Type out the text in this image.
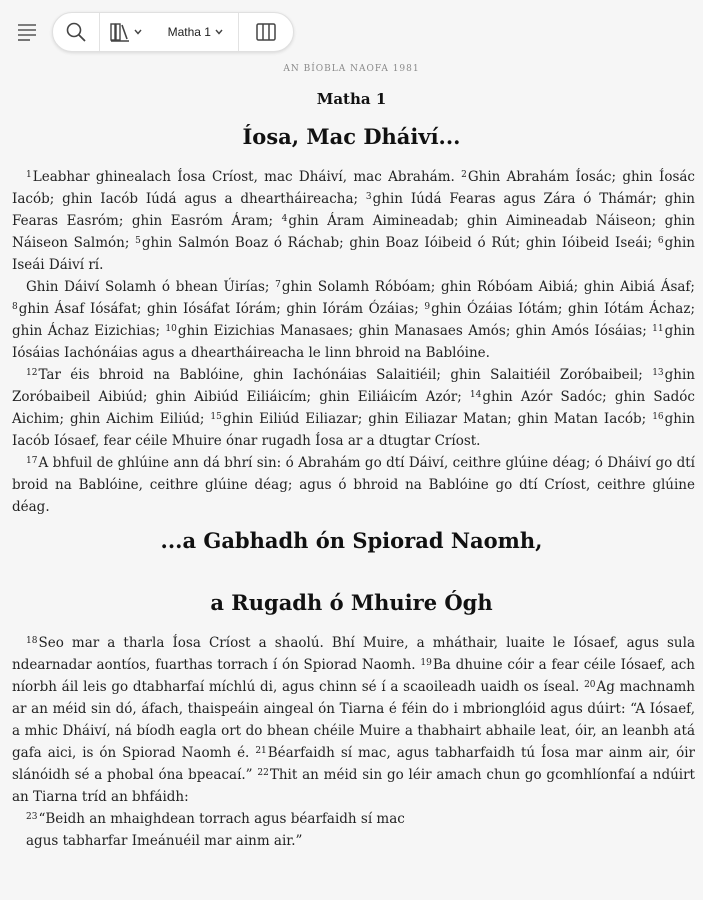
Matha 1
AN BÍOBLA NAOFA 1981
Matha 1
Íosa, Mac Dháiví...

$^1$Leabhar ghinealach Íosa Críost, mac Dháiví, mac Abrahám. $^2$Ghin Abrahám Íosác; ghin Íosác Iacób; ghin Iacób Iúdá agus a dheartháireacha; $^3$ghin Iúdá Fearas agus Zára ó Thámár; ghin Fearas Easróm; ghin Easróm Áram; $^4$ghin Áram Aimineadab; ghin Aimineadab Náiseon; ghin Náiseon Salmón; $^5$ghin Salmón Boaz ó Ráchab; ghin Boaz Ióibeid ó Rút; ghin Ióibeid Iseái; $^6$ghin Iseái Dáiví rí.

Ghin Dáiví Solamh ó bhean Úirías; $^7$ghin Solamh Róbóam; ghin Róbóam Aibiá; ghin Aibiá Ásaf; $^8$ghin Ásaf Iósáfat; ghin Iósáfat Iórám; ghin Iórám Ózáias; $^9$ghin Ózáias Iótám; ghin Iótám Áchaz; ghin Áchaz Eizichias; $^{10}$ghin Eizichias Manasaes; ghin Manasaes Amós; ghin Amós Iósáias; $^{11}$ghin Iósáias Iachónáias agus a dheartháireacha le linn bhroid na Bablóine.

$^{12}$Tar éis bhroid na Bablóine, ghin Iachónáias Salaitiéil; ghin Salaitiéil Zoróbaibeil; $^{13}$ghin Zoróbaibeil Aibiúd; ghin Aibiúd Eiliáicím; ghin Eiliáicím Azór; $^{14}$ghin Azór Sadóc; ghin Sadóc Aichim; ghin Aichim Eiliúd; $^{15}$ghin Eiliúd Eiliazar; ghin Eiliazar Matan; ghin Matan Iacób; $^{16}$ghin Iacób Iósaef, fear céile Mhuire ónar rugadh Íosa ar a dtugtar Críost.

$^{17}$A bhfuil de ghlúine ann dá bhrí sin: ó Abrahám go dtí Dáiví, ceithre glúine déag; ó Dháiví go dtí broid na Bablóine, ceithre glúine déag; agus ó bhroid na Bablóine go dtí Críost, ceithre glúine déag.

...a Gabhadh ón Spiorad Naomh,
a Rugadh ó Mhuire Ógh

$^{18}$Seo mar a tharla Íosa Críost a shaolú. Bhí Muire, a mháthair, luaite le Iósaef, agus sula ndearnadar aontíos, fuarthas torrach í ón Spiorad Naomh. $^{19}$Ba dhuine cóir a fear céile Iósaef, ach níorbh áil leis go dtabharfaí míchlú di, agus chinn sé í a scaoileadh uaidh os íseal. $^{20}$Ag machnamh ar an méid sin dó, áfach, thaispeáin aingeal ón Tiarna é féin do i mbrionglóid agus dúirt: “A Iósaef, a mhic Dháiví, ná bíodh eagla ort do bhean chéile Muire a thabhairt abhaile leat, óir, an leanbh atá gafa aici, is ón Spiorad Naomh é. $^{21}$Béarfaidh sí mac, agus tabharfaidh tú Íosa mar ainm air, óir slánóidh sé a phobal óna bpeacaí.” $^{22}$Thit an méid sin go léir amach chun go gcomhlíonfaí a ndúirt an Tiarna tríd an bhfáidh:

$^{23}$“Beidh an mhaighdean torrach agus béarfaidh sí mac
agus tabharfar Imeánuéil mar ainm air.”
